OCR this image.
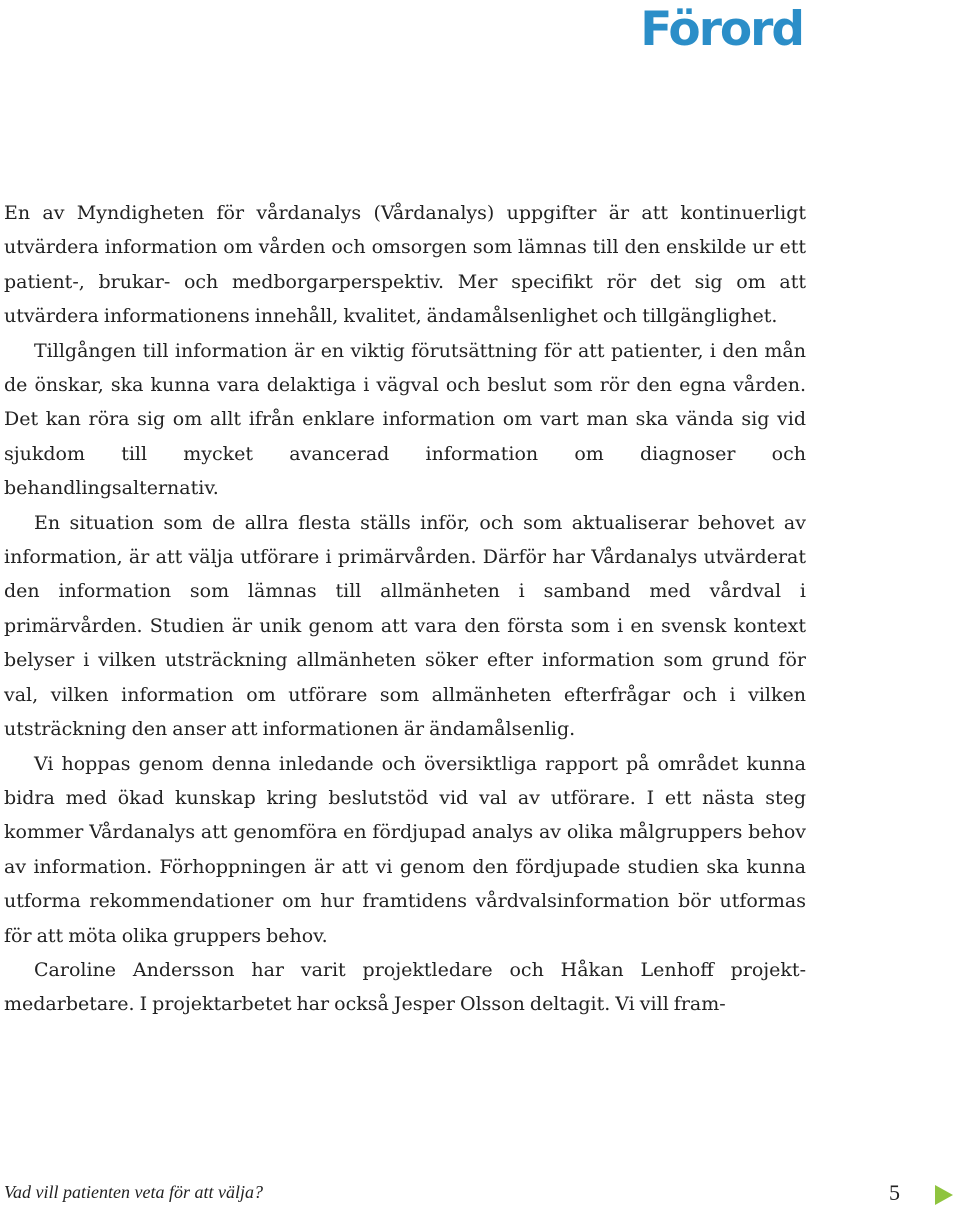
Förord

En av Myndigheten för vårdanalys (Vårdanalys) uppgifter är att kontinuerligt utvärdera information om vården och omsorgen som lämnas till den enskilde ur ett patient-, brukar- och medborgarperspektiv. Mer specifikt rör det sig om att utvärdera informationens innehåll, kvalitet, ändamålsenlighet och tillgänglighet.

Tillgången till information är en viktig förutsättning för att patienter, i den mån de önskar, ska kunna vara delaktiga i vägval och beslut som rör den egna vården. Det kan röra sig om allt ifrån enklare information om vart man ska vända sig vid sjukdom till mycket avancerad information om diagnoser och behandlingsalternativ.

En situation som de allra flesta ställs inför, och som aktualiserar behovet av information, är att välja utförare i primärvården. Därför har Vårdanalys utvärderat den information som lämnas till allmänheten i samband med vårdval i primärvården. Studien är unik genom att vara den första som i en svensk kontext belyser i vilken utsträckning allmänheten söker efter information som grund för val, vilken information om utförare som allmänheten efterfrågar och i vilken utsträckning den anser att informationen är ändamålsenlig.

Vi hoppas genom denna inledande och översiktliga rapport på området kunna bidra med ökad kunskap kring beslutstöd vid val av utförare. I ett nästa steg kommer Vårdanalys att genomföra en fördjupad analys av olika målgruppers behov av information. Förhoppningen är att vi genom den fördjupade studien ska kunna utforma rekommendationer om hur framtidens vårdvalsinformation bör utformas för att möta olika gruppers behov.

Caroline Andersson har varit projektledare och Håkan Lenhoff projektmedarbetare. I projektarbetet har också Jesper Olsson deltagit. Vi vill fram-

Vad vill patienten veta för att välja?	5
